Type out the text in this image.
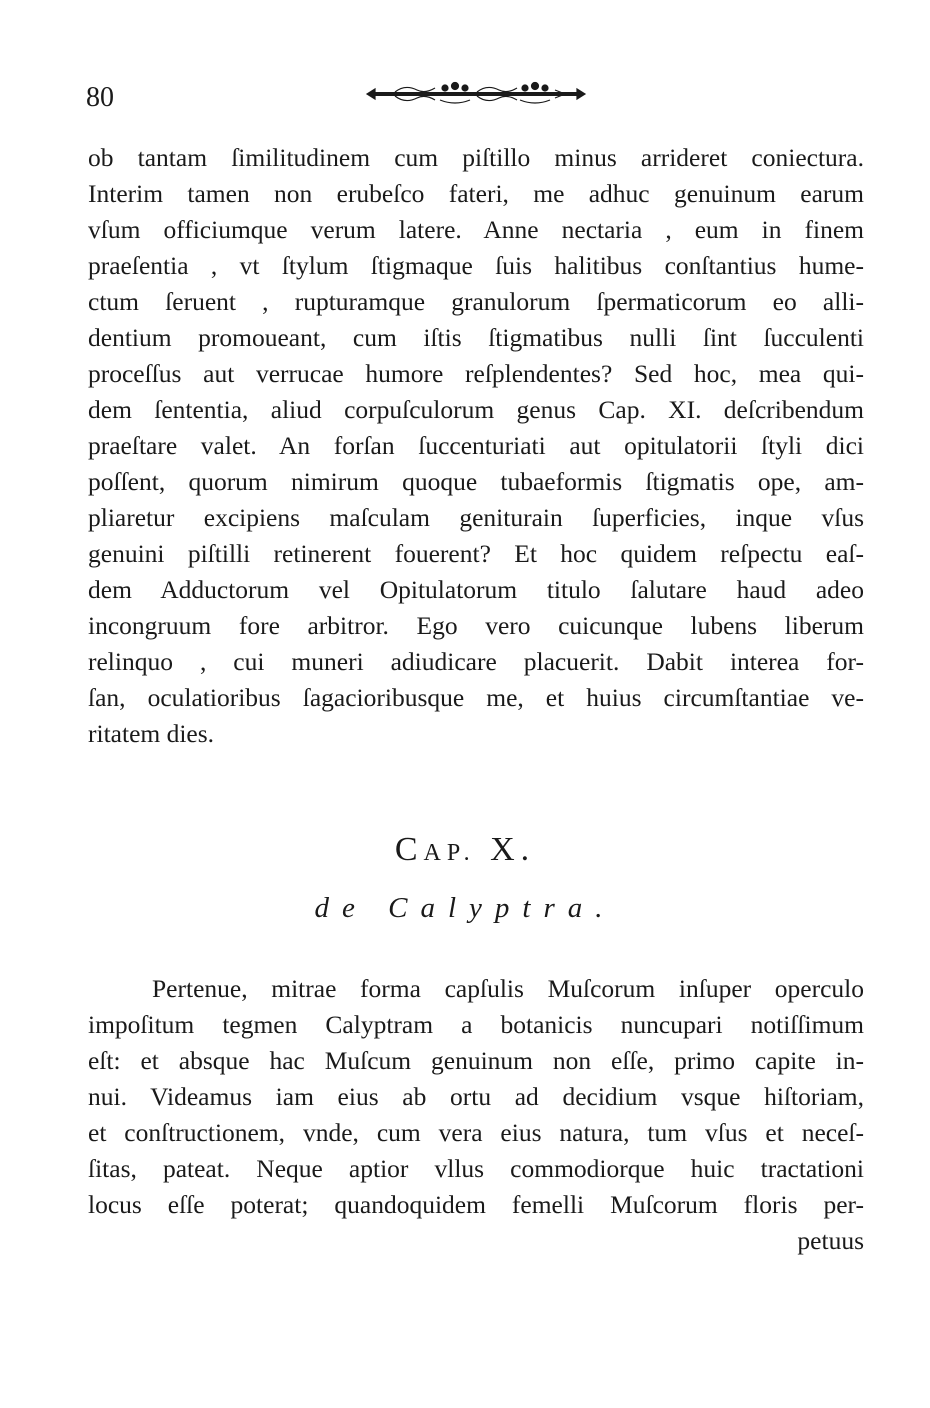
80
ob tantam ſimilitudinem cum piſtillo minus arrideret coniectura.
Interim tamen non erubeſco fateri, me adhuc genuinum earum
vſum officiumque verum latere. Anne nectaria , eum in finem
praeſentia , vt ſtylum ſtigmaque ſuis halitibus conſtantius hume-
ctum ſeruent , rupturamque granulorum ſpermaticorum eo alli-
dentium promoueant, cum iſtis ſtigmatibus nulli ſint ſucculenti
proceſſus aut verrucae humore reſplendentes? Sed hoc, mea qui-
dem ſententia, aliud corpuſculorum genus Cap. XI. deſcribendum
praeſtare valet. An forſan ſuccenturiati aut opitulatorii ſtyli dici
poſſent, quorum nimirum quoque tubaeformis ſtigmatis ope, am-
pliaretur excipiens maſculam geniturain ſuperficies, inque vſus
genuini piſtilli retinerent fouerent? Et hoc quidem reſpectu eaſ-
dem Adductorum vel Opitulatorum titulo ſalutare haud adeo
incongruum fore arbitror. Ego vero cuicunque lubens liberum
relinquo , cui muneri adiudicare placuerit. Dabit interea for-
ſan, oculatioribus ſagacioribusque me, et huius circumſtantiae ve-
ritatem dies.
CAP. X.
de Calyptra.
Pertenue, mitrae forma capſulis Muſcorum inſuper operculo
impoſitum tegmen Calyptram a botanicis nuncupari notiſſimum
eſt: et absque hac Muſcum genuinum non eſſe, primo capite in-
nui. Videamus iam eius ab ortu ad decidium vsque hiſtoriam,
et conſtructionem, vnde, cum vera eius natura, tum vſus et neceſ-
ſitas, pateat. Neque aptior vllus commodiorque huic tractationi
locus eſſe poterat; quandoquidem femelli Muſcorum floris per-
petuus
